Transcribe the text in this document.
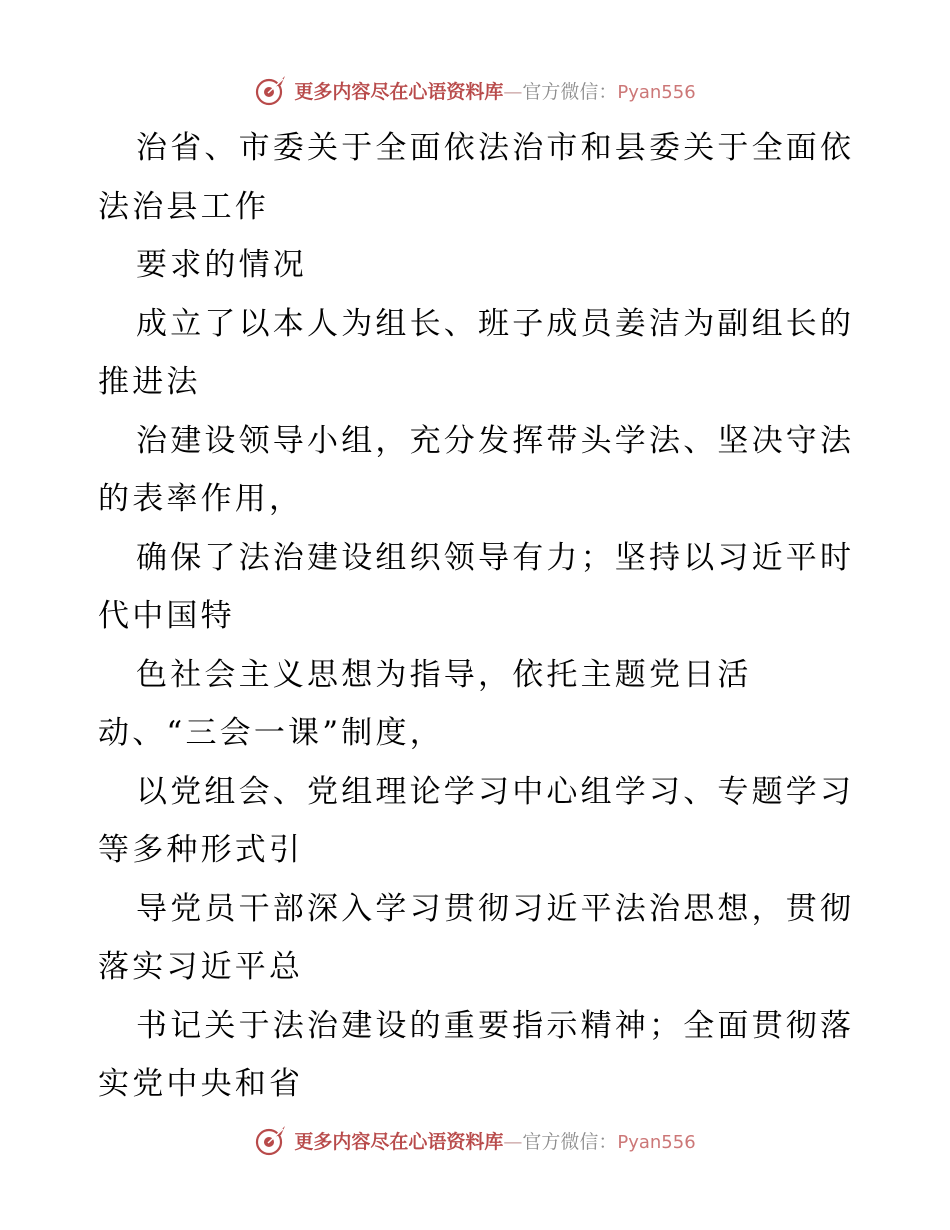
更多内容尽在心语资料库—官方微信：Pyan556
治省、市委关于全面依法治市和县委关于全面依
法治县工作
要求的情况
成立了以本人为组长、班子成员姜洁为副组长的
推进法
治建设领导小组，充分发挥带头学法、坚决守法
的表率作用，
确保了法治建设组织领导有力；坚持以习近平时
代中国特
色社会主义思想为指导，依托主题党日活
动、“三会一课”制度，
以党组会、党组理论学习中心组学习、专题学习
等多种形式引
导党员干部深入学习贯彻习近平法治思想，贯彻
落实习近平总
书记关于法治建设的重要指示精神；全面贯彻落
实党中央和省
更多内容尽在心语资料库—官方微信：Pyan556
